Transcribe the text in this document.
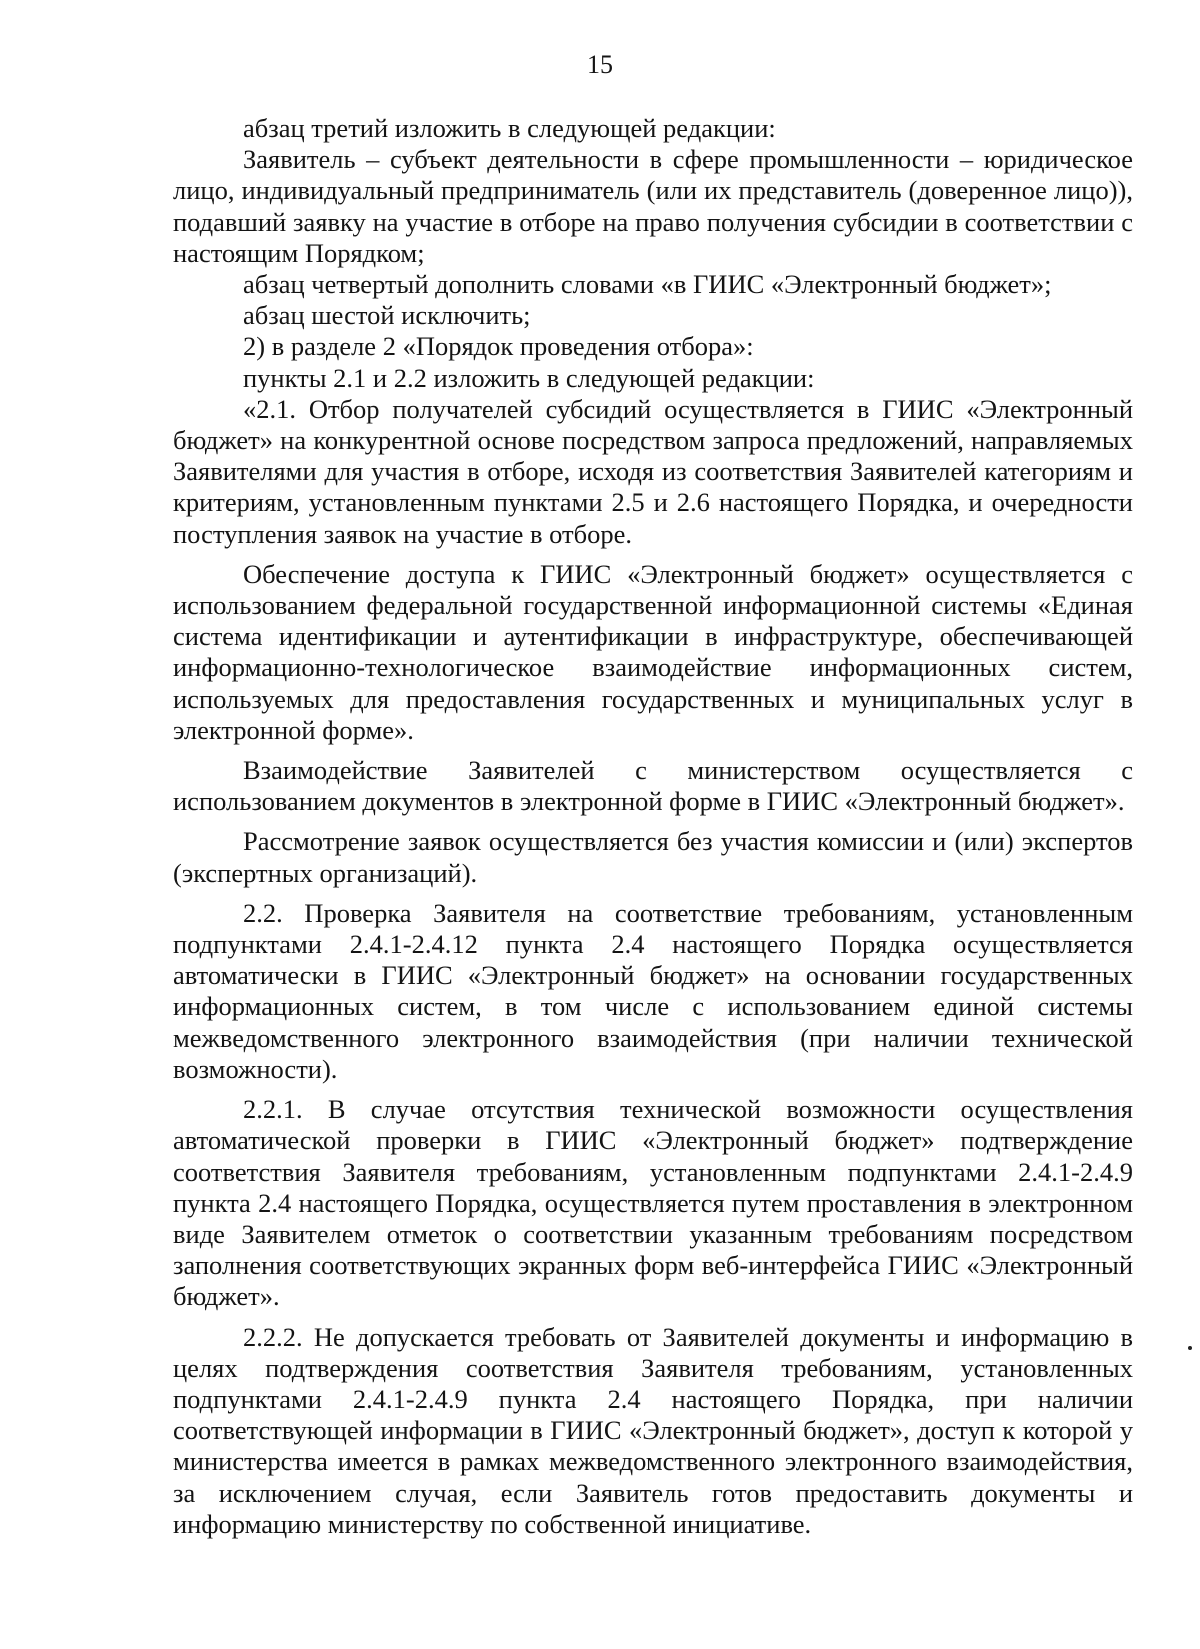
15

абзац третий изложить в следующей редакции:

Заявитель – субъект деятельности в сфере промышленности – юридическое лицо, индивидуальный предприниматель (или их представитель (доверенное лицо)), подавший заявку на участие в отборе на право получения субсидии в соответствии с настоящим Порядком;

абзац четвертый дополнить словами «в ГИИС «Электронный бюджет»;

абзац шестой исключить;

2) в разделе 2 «Порядок проведения отбора»:

пункты 2.1 и 2.2 изложить в следующей редакции:

«2.1. Отбор получателей субсидий осуществляется в ГИИС «Электронный бюджет» на конкурентной основе посредством запроса предложений, направляемых Заявителями для участия в отборе, исходя из соответствия Заявителей категориям и критериям, установленным пунктами 2.5 и 2.6 настоящего Порядка, и очередности поступления заявок на участие в отборе.

Обеспечение доступа к ГИИС «Электронный бюджет» осуществляется с использованием федеральной государственной информационной системы «Единая система идентификации и аутентификации в инфраструктуре, обеспечивающей информационно-технологическое взаимодействие информационных систем, используемых для предоставления государственных и муниципальных услуг в электронной форме».

Взаимодействие Заявителей с министерством осуществляется с использованием документов в электронной форме в ГИИС «Электронный бюджет».

Рассмотрение заявок осуществляется без участия комиссии и (или) экспертов (экспертных организаций).

2.2. Проверка Заявителя на соответствие требованиям, установленным подпунктами 2.4.1-2.4.12 пункта 2.4 настоящего Порядка осуществляется автоматически в ГИИС «Электронный бюджет» на основании государственных информационных систем, в том числе с использованием единой системы межведомственного электронного взаимодействия (при наличии технической возможности).

2.2.1. В случае отсутствия технической возможности осуществления автоматической проверки в ГИИС «Электронный бюджет» подтверждение соответствия Заявителя требованиям, установленным подпунктами 2.4.1-2.4.9 пункта 2.4 настоящего Порядка, осуществляется путем проставления в электронном виде Заявителем отметок о соответствии указанным требованиям посредством заполнения соответствующих экранных форм веб-интерфейса ГИИС «Электронный бюджет».

2.2.2. Не допускается требовать от Заявителей документы и информацию в целях подтверждения соответствия Заявителя требованиям, установленных подпунктами 2.4.1-2.4.9 пункта 2.4 настоящего Порядка, при наличии соответствующей информации в ГИИС «Электронный бюджет», доступ к которой у министерства имеется в рамках межведомственного электронного взаимодействия, за исключением случая, если Заявитель готов предоставить документы и информацию министерству по собственной инициативе.
